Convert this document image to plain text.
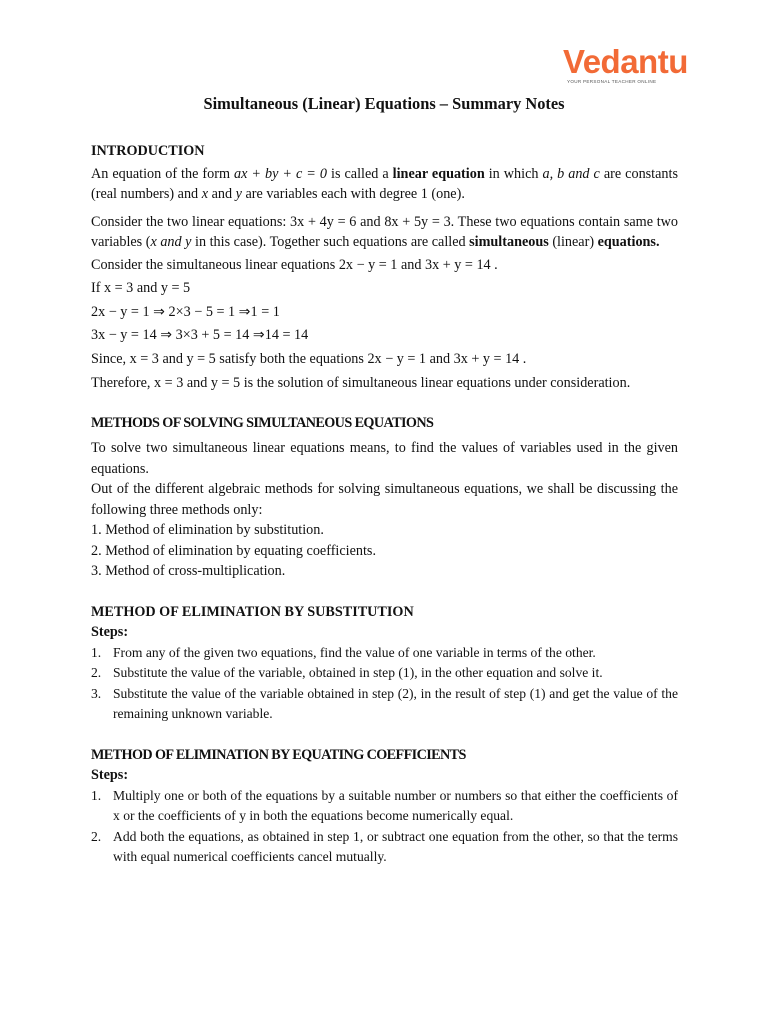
Vedantu
YOUR PERSONAL TEACHER ONLINE
Simultaneous (Linear) Equations – Summary Notes
INTRODUCTION

An equation of the form ax + by + c = 0 is called a linear equation in which a, b and c are constants (real numbers) and x and y are variables each with degree 1 (one).

Consider the two linear equations: 3x + 4y = 6 and 8x + 5y = 3. These two equations contain same two variables (x and y in this case). Together such equations are called simultaneous (linear) equations.

Consider the simultaneous linear equations 2x − y = 1 and 3x + y = 14 .

If x = 3 and y = 5

2x − y = 1 ⇒ 2×3 − 5 = 1 ⇒1 = 1

3x − y = 14 ⇒ 3×3 + 5 = 14 ⇒14 = 14

Since, x = 3 and y = 5 satisfy both the equations 2x − y = 1 and 3x + y = 14 .

Therefore, x = 3 and y = 5 is the solution of simultaneous linear equations under consideration.

METHODS OF SOLVING SIMULTANEOUS EQUATIONS

To solve two simultaneous linear equations means, to find the values of variables used in the given equations.

Out of the different algebraic methods for solving simultaneous equations, we shall be discussing the following three methods only:

1. Method of elimination by substitution.

2. Method of elimination by equating coefficients.

3. Method of cross-multiplication.

METHOD OF ELIMINATION BY SUBSTITUTION
Steps:
1. From any of the given two equations, find the value of one variable in terms of the other.
2. Substitute the value of the variable, obtained in step (1), in the other equation and solve it.
3. Substitute the value of the variable obtained in step (2), in the result of step (1) and get the value of the remaining unknown variable.
METHOD OF ELIMINATION BY EQUATING COEFFICIENTS
Steps:
1. Multiply one or both of the equations by a suitable number or numbers so that either the coefficients of x or the coefficients of y in both the equations become numerically equal.
2. Add both the equations, as obtained in step 1, or subtract one equation from the other, so that the terms with equal numerical coefficients cancel mutually.
